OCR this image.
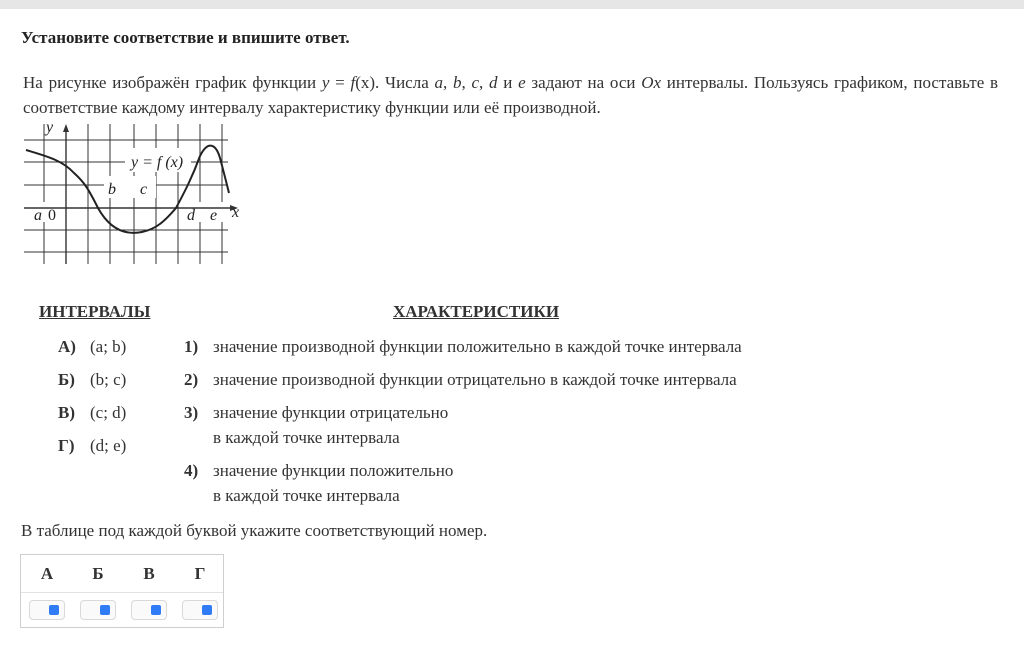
Установите соответствие и впишите ответ.
На рисунке изображён график функции y = f(x). Числа a, b, c, d и e задают на оси Ox интервалы. Пользуясь графиком, поставьте в соответствие каждому интервалу характеристику функции или её производной.
y
x
0
y = f (x)
a
b c
d e
ИНТЕРВАЛЫ	ХАРАКТЕРИСТИКИ
А) (a; b)
Б) (b; c)
В) (c; d)
Г) (d; e)
1) значение производной функции положительно в каждой точке интервала
2) значение производной функции отрицательно в каждой точке интервала
3) значение функции отрицательно
в каждой точке интервала
4) значение функции положительно
в каждой точке интервала
В таблице под каждой буквой укажите соответствующий номер.
А	Б	В	Г
